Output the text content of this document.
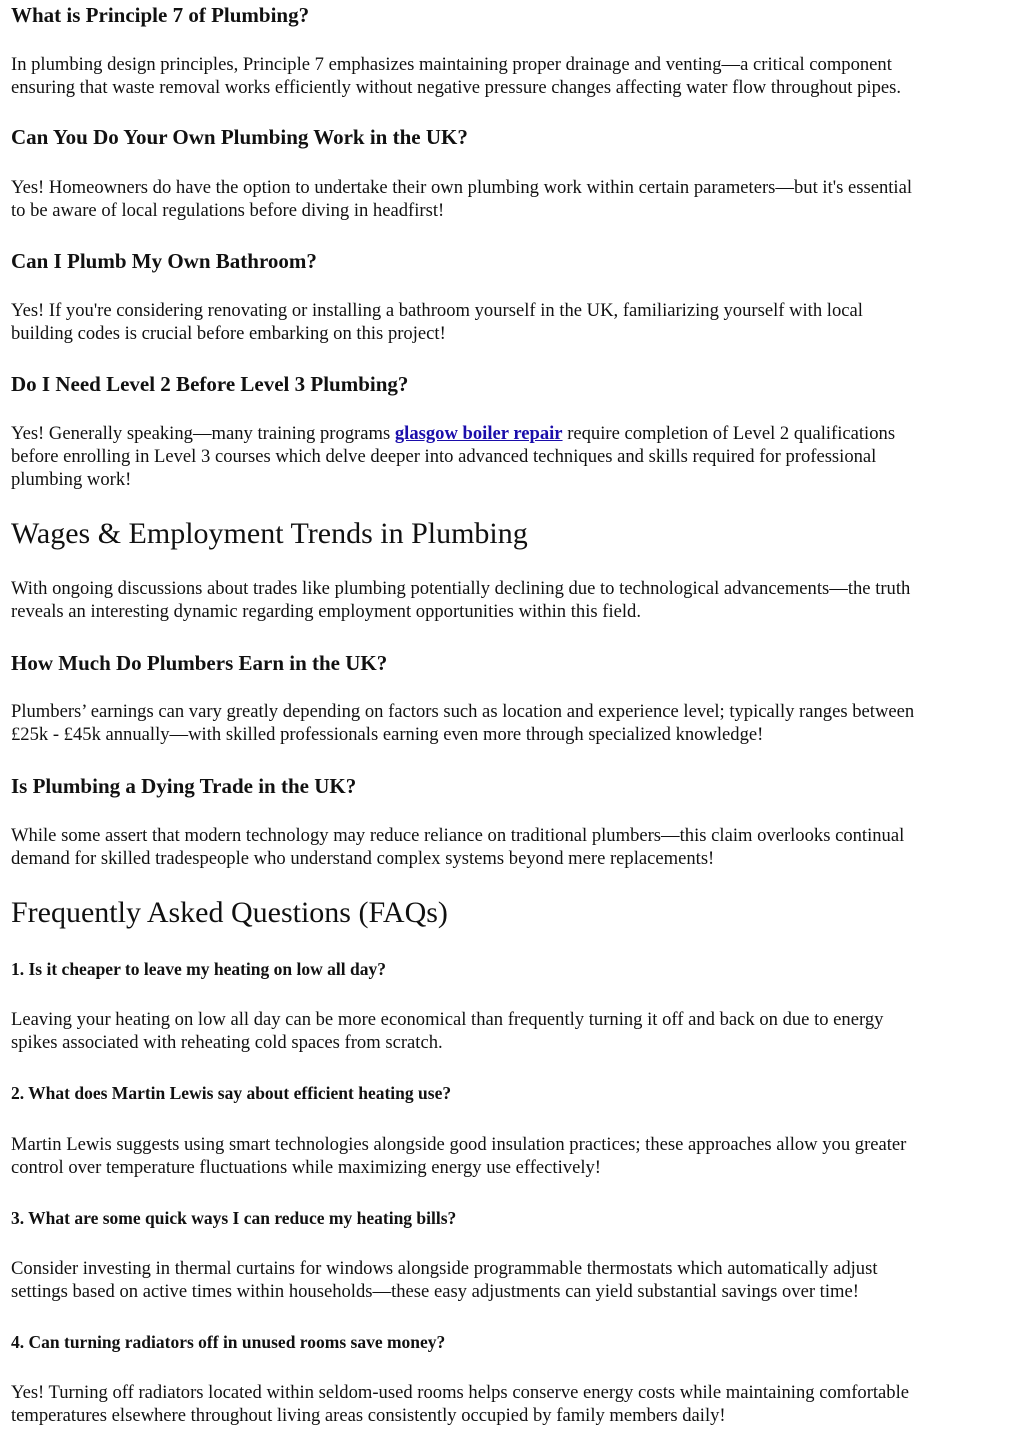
What is Principle 7 of Plumbing?

In plumbing design principles, Principle 7 emphasizes maintaining proper drainage and venting—a critical component
ensuring that waste removal works efficiently without negative pressure changes affecting water flow throughout pipes.

Can You Do Your Own Plumbing Work in the UK?

Yes! Homeowners do have the option to undertake their own plumbing work within certain parameters—but it's essential
to be aware of local regulations before diving in headfirst!

Can I Plumb My Own Bathroom?

Yes! If you're considering renovating or installing a bathroom yourself in the UK, familiarizing yourself with local
building codes is crucial before embarking on this project!

Do I Need Level 2 Before Level 3 Plumbing?

Yes! Generally speaking—many training programs glasgow boiler repair require completion of Level 2 qualifications
before enrolling in Level 3 courses which delve deeper into advanced techniques and skills required for professional
plumbing work!

Wages & Employment Trends in Plumbing

With ongoing discussions about trades like plumbing potentially declining due to technological advancements—the truth
reveals an interesting dynamic regarding employment opportunities within this field.

How Much Do Plumbers Earn in the UK?

Plumbers’ earnings can vary greatly depending on factors such as location and experience level; typically ranges between
£25k - £45k annually—with skilled professionals earning even more through specialized knowledge!

Is Plumbing a Dying Trade in the UK?

While some assert that modern technology may reduce reliance on traditional plumbers—this claim overlooks continual
demand for skilled tradespeople who understand complex systems beyond mere replacements!

Frequently Asked Questions (FAQs)
1. Is it cheaper to leave my heating on low all day?

Leaving your heating on low all day can be more economical than frequently turning it off and back on due to energy
spikes associated with reheating cold spaces from scratch.

2. What does Martin Lewis say about efficient heating use?

Martin Lewis suggests using smart technologies alongside good insulation practices; these approaches allow you greater
control over temperature fluctuations while maximizing energy use effectively!

3. What are some quick ways I can reduce my heating bills?

Consider investing in thermal curtains for windows alongside programmable thermostats which automatically adjust
settings based on active times within households—these easy adjustments can yield substantial savings over time!

4. Can turning radiators off in unused rooms save money?

Yes! Turning off radiators located within seldom-used rooms helps conserve energy costs while maintaining comfortable
temperatures elsewhere throughout living areas consistently occupied by family members daily!
